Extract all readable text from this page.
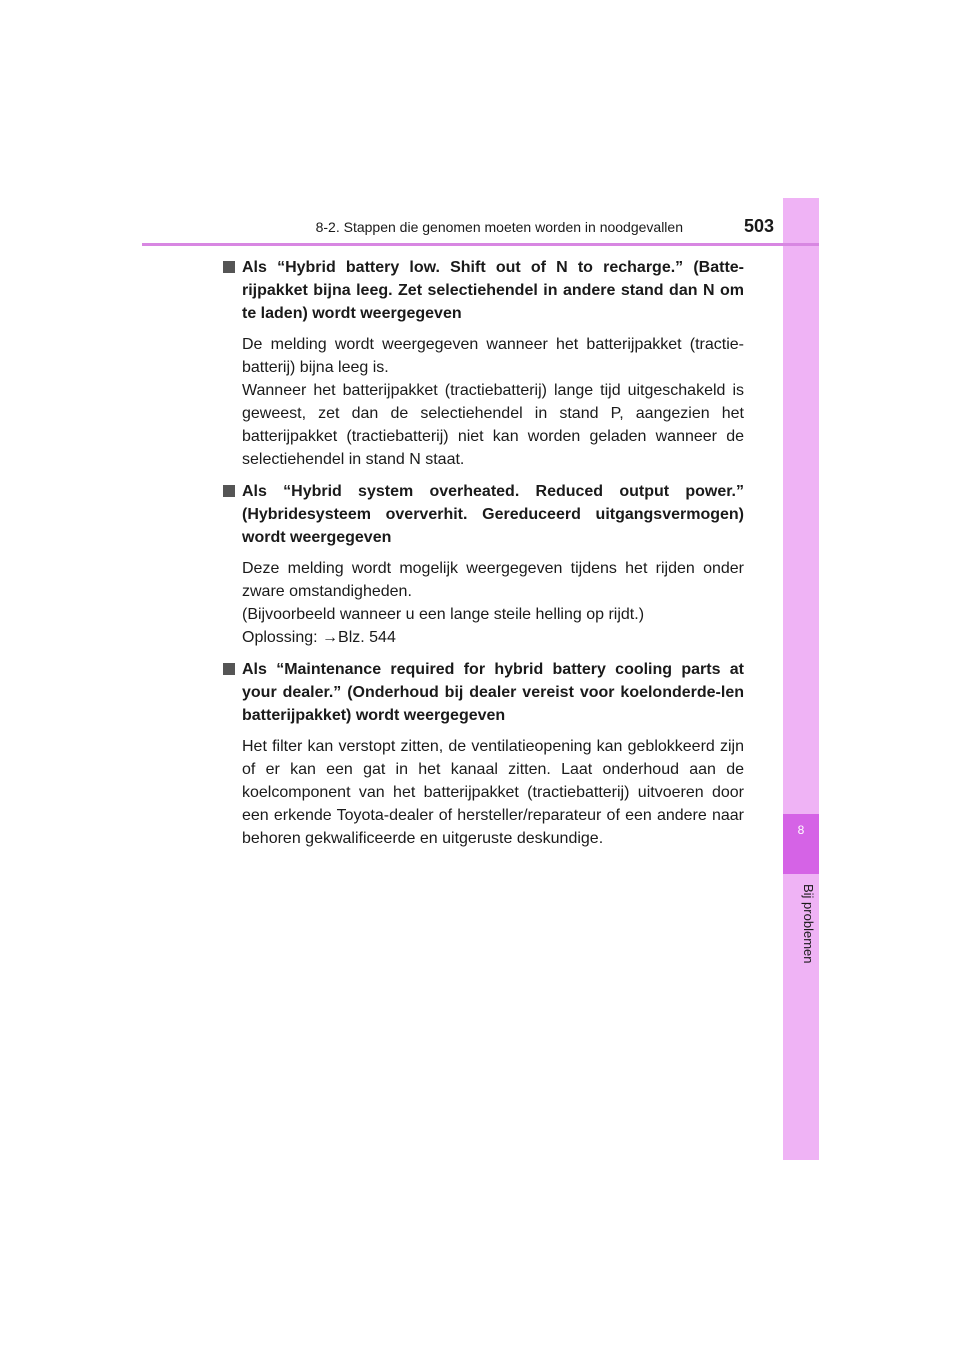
8
Bij problemen
8-2. Stappen die genomen moeten worden in noodgevallen	503
Als “Hybrid battery low. Shift out of N to recharge.” (Batte-rijpakket bijna leeg. Zet selectiehendel in andere stand dan N om te laden) wordt weergegeven
De melding wordt weergegeven wanneer het batterijpakket (tractie-batterij) bijna leeg is.
Wanneer het batterijpakket (tractiebatterij) lange tijd uitgeschakeld is geweest, zet dan de selectiehendel in stand P, aangezien het batterijpakket (tractiebatterij) niet kan worden geladen wanneer de selectiehendel in stand N staat.
Als “Hybrid system overheated. Reduced output power.” (Hybridesysteem oververhit. Gereduceerd uitgangsvermogen) wordt weergegeven
Deze melding wordt mogelijk weergegeven tijdens het rijden onder zware omstandigheden.
(Bijvoorbeeld wanneer u een lange steile helling op rijdt.)
Oplossing: →Blz. 544
Als “Maintenance required for hybrid battery cooling parts at your dealer.” (Onderhoud bij dealer vereist voor koelonderde-len batterijpakket) wordt weergegeven
Het filter kan verstopt zitten, de ventilatieopening kan geblokkeerd zijn of er kan een gat in het kanaal zitten. Laat onderhoud aan de koelcomponent van het batterijpakket (tractiebatterij) uitvoeren door een erkende Toyota-dealer of hersteller/reparateur of een andere naar behoren gekwalificeerde en uitgeruste deskundige.
